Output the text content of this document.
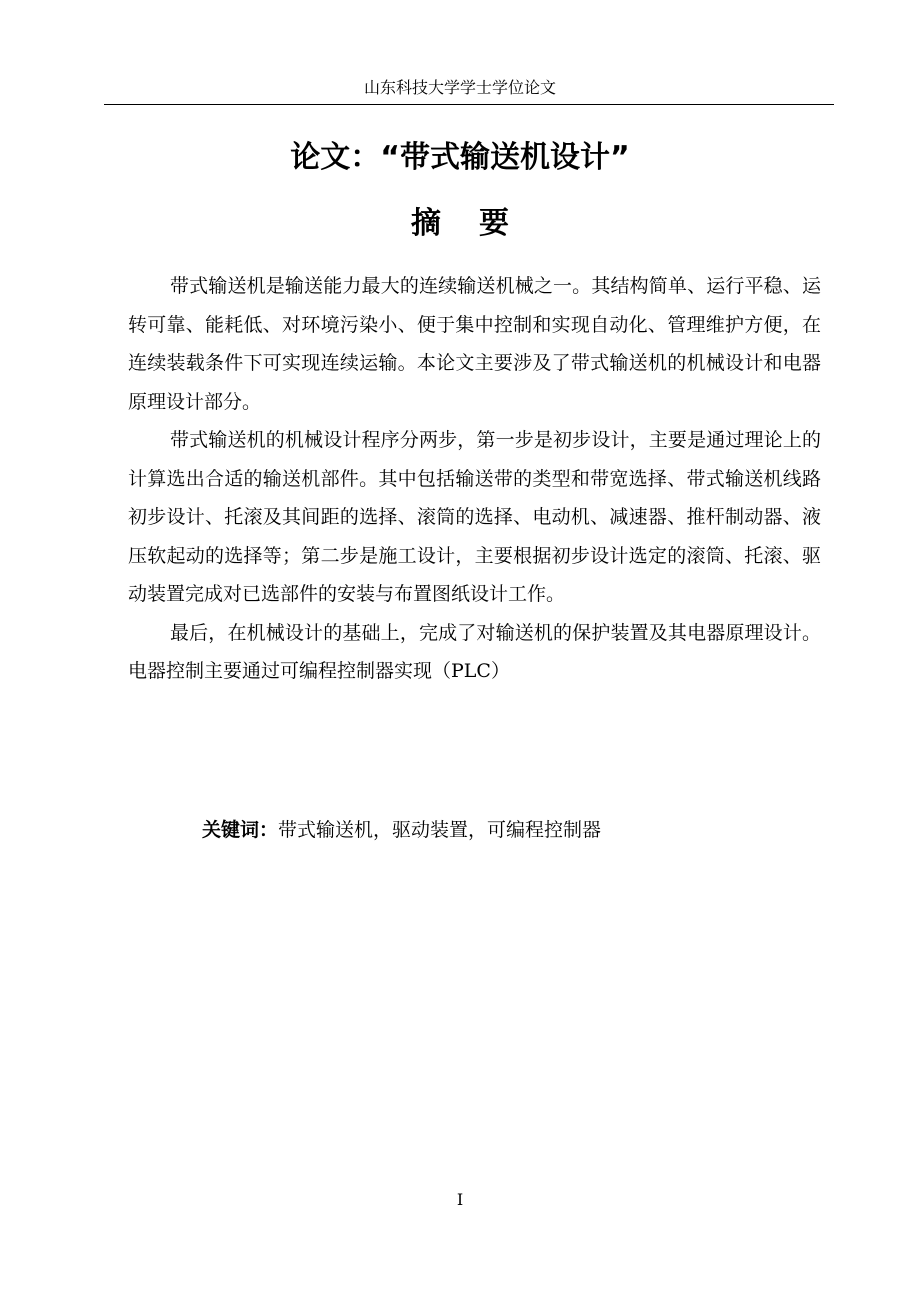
山东科技大学学士学位论文
论文：“带式输送机设计”
摘要

带式输送机是输送能力最大的连续输送机械之一。其结构简单、运行平稳、运转可靠、能耗低、对环境污染小、便于集中控制和实现自动化、管理维护方便，在连续装载条件下可实现连续运输。本论文主要涉及了带式输送机的机械设计和电器原理设计部分。

带式输送机的机械设计程序分两步，第一步是初步设计，主要是通过理论上的计算选出合适的输送机部件。其中包括输送带的类型和带宽选择、带式输送机线路初步设计、托滚及其间距的选择、滚筒的选择、电动机、减速器、推杆制动器、液压软起动的选择等；第二步是施工设计，主要根据初步设计选定的滚筒、托滚、驱动装置完成对已选部件的安装与布置图纸设计工作。

最后，在机械设计的基础上，完成了对输送机的保护装置及其电器原理设计。电器控制主要通过可编程控制器实现（PLC）

关键词：带式输送机，驱动装置，可编程控制器
I
